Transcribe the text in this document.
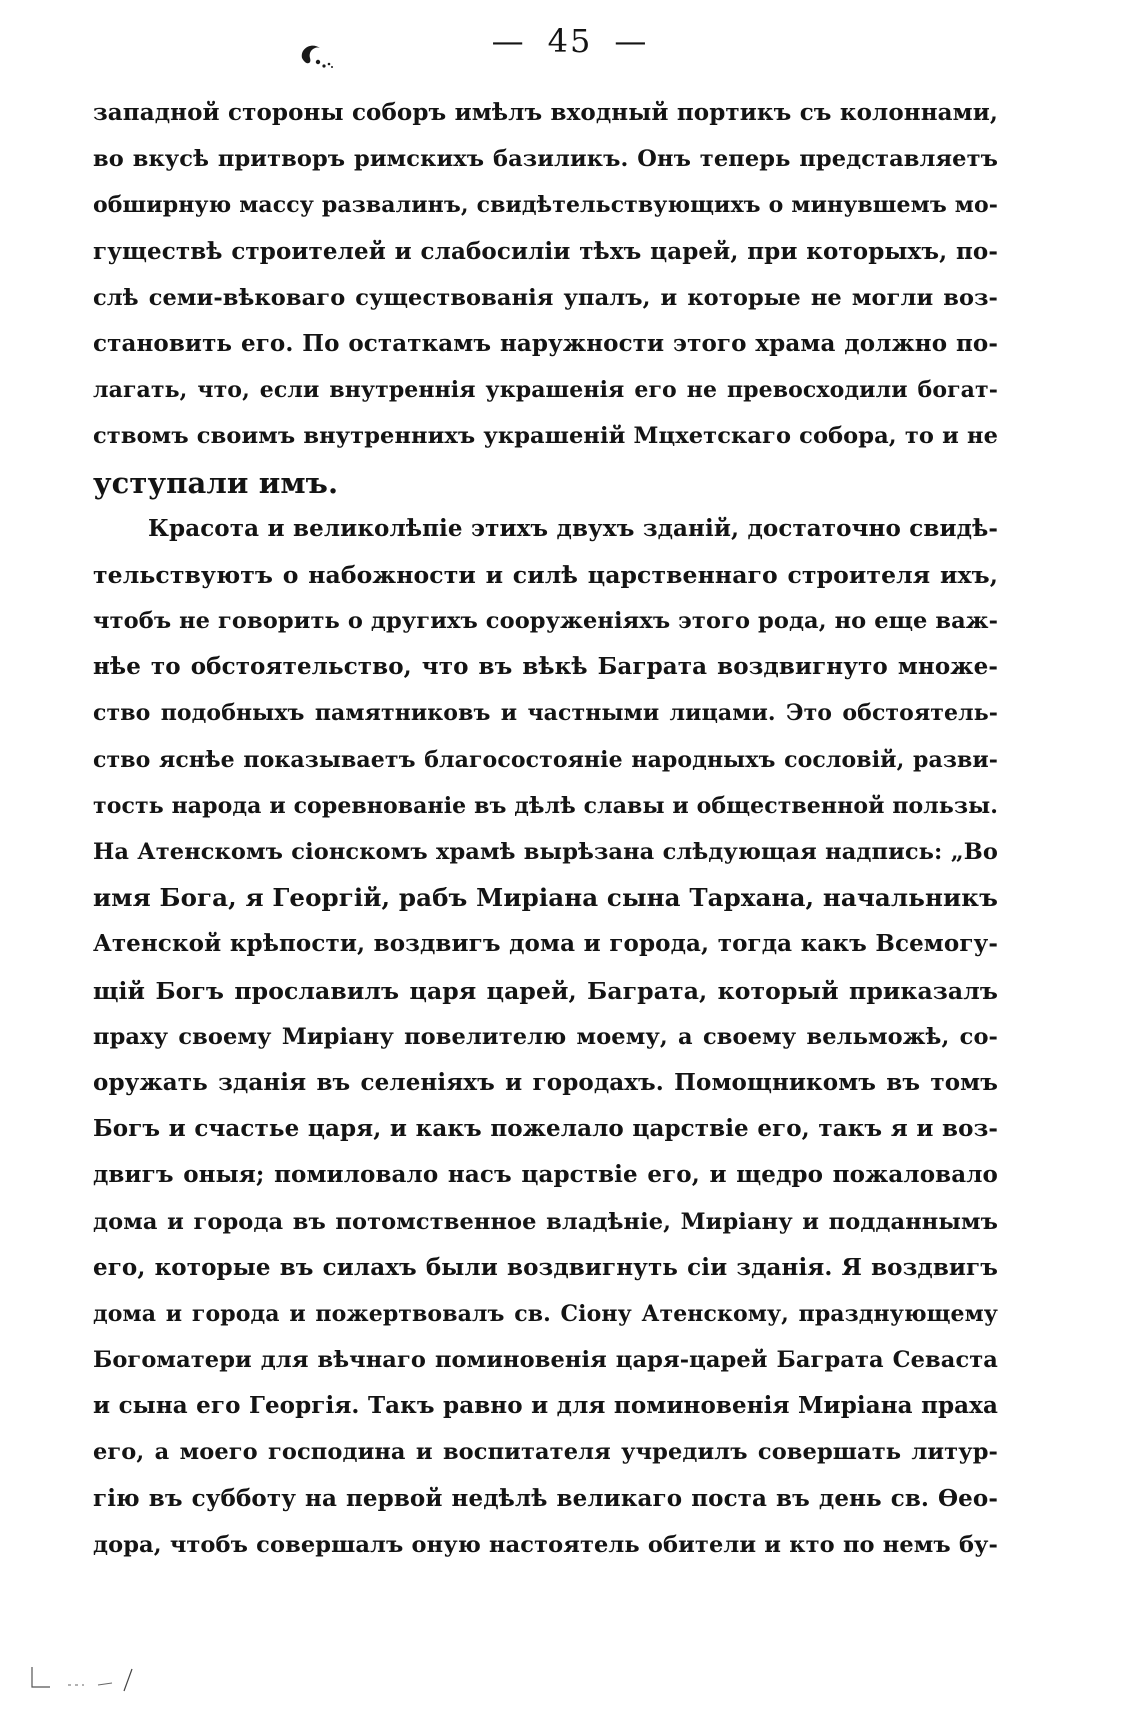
— 45 —
западной стороны соборъ имѣлъ входный портикъ съ колоннами,
во вкусѣ притворъ римскихъ базиликъ. Онъ теперь представляетъ
обширную массу развалинъ, свидѣтельствующихъ о минувшемъ мо-
гуществѣ строителей и слабосилiи тѣхъ царей, при которыхъ, по-
слѣ семи-вѣковаго существованiя упалъ, и которые не могли воз-
становить его. По остаткамъ наружности этого храма должно по-
лагать, что, если внутреннiя украшенiя его не превосходили богат-
ствомъ своимъ внутреннихъ украшенiй Мцхетскаго собора, то и не
уступали имъ.
Красота и великолѣпiе этихъ двухъ зданiй, достаточно свидѣ-
тельствуютъ о набожности и силѣ царственнаго строителя ихъ,
чтобъ не говорить о другихъ сооруженiяхъ этого рода, но еще важ-
нѣе то обстоятельство, что въ вѣкѣ Баграта воздвигнуто множе-
ство подобныхъ памятниковъ и частными лицами. Это обстоятель-
ство яснѣе показываетъ благосостоянiе народныхъ сословiй, разви-
тость народа и соревнованiе въ дѣлѣ славы и общественной пользы.
На Атенскомъ сiонскомъ храмѣ вырѣзана слѣдующая надпись: „Во
имя Бога, я Георгiй, рабъ Мирiана сына Тархана, начальникъ
Атенской крѣпости, воздвигъ дома и города, тогда какъ Всемогу-
щiй Богъ прославилъ царя царей, Баграта, который приказалъ
праху своему Мирiану повелителю моему, а своему вельможѣ, со-
оружать зданiя въ селенiяхъ и городахъ. Помощникомъ въ томъ
Богъ и счастье царя, и какъ пожелало царствiе его, такъ я и воз-
двигъ оныя; помиловало насъ царствiе его, и щедро пожаловало
дома и города въ потомственное владѣнiе, Мирiану и подданнымъ
его, которые въ силахъ были воздвигнуть сiи зданiя. Я воздвигъ
дома и города и пожертвовалъ св. Сiону Атенскому, празднующему
Богоматери для вѣчнаго поминовенiя царя-царей Баграта Севаста
и сына его Георгiя. Такъ равно и для поминовенiя Мирiана праха
его, а моего господина и воспитателя учредилъ совершать литур-
гiю въ субботу на первой недѣлѣ великаго поста въ день св. Өео-
дора, чтобъ совершалъ оную настоятель обители и кто по немъ бу-
